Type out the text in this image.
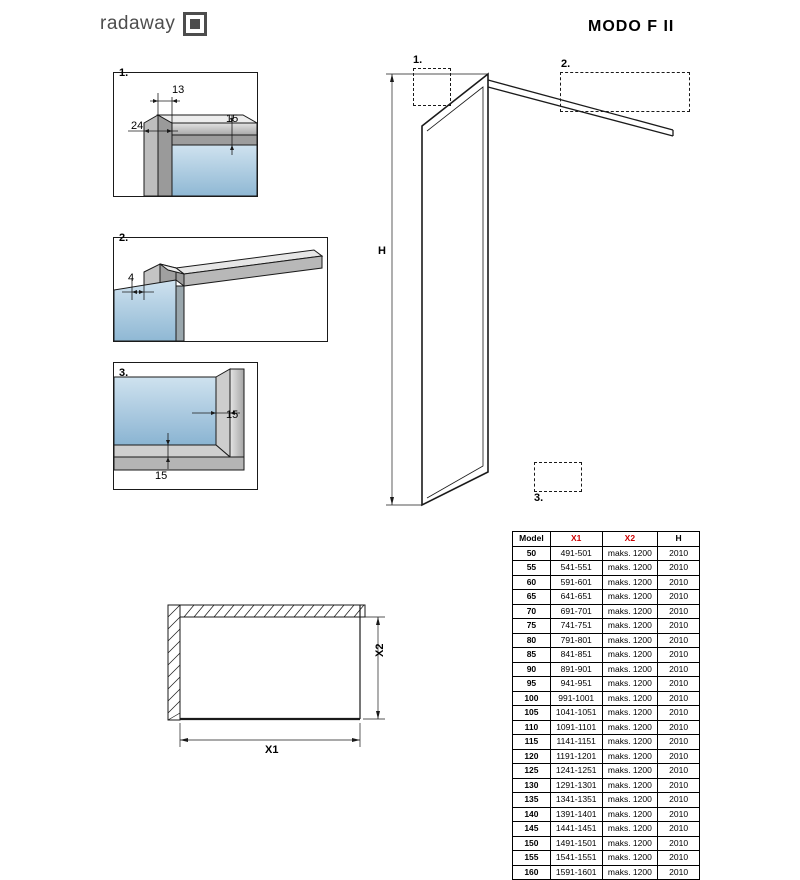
radaway	MODO F II
1.
13
24
15
2.
4
3.
15
15
H
1.	2.
3.
X1
X2
Model	X1	X2	H
50	491-501	maks. 1200	2010
55	541-551	maks. 1200	2010
60	591-601	maks. 1200	2010
65	641-651	maks. 1200	2010
70	691-701	maks. 1200	2010
75	741-751	maks. 1200	2010
80	791-801	maks. 1200	2010
85	841-851	maks. 1200	2010
90	891-901	maks. 1200	2010
95	941-951	maks. 1200	2010
100	991-1001	maks. 1200	2010
105	1041-1051	maks. 1200	2010
110	1091-1101	maks. 1200	2010
115	1141-1151	maks. 1200	2010
120	1191-1201	maks. 1200	2010
125	1241-1251	maks. 1200	2010
130	1291-1301	maks. 1200	2010
135	1341-1351	maks. 1200	2010
140	1391-1401	maks. 1200	2010
145	1441-1451	maks. 1200	2010
150	1491-1501	maks. 1200	2010
155	1541-1551	maks. 1200	2010
160	1591-1601	maks. 1200	2010
